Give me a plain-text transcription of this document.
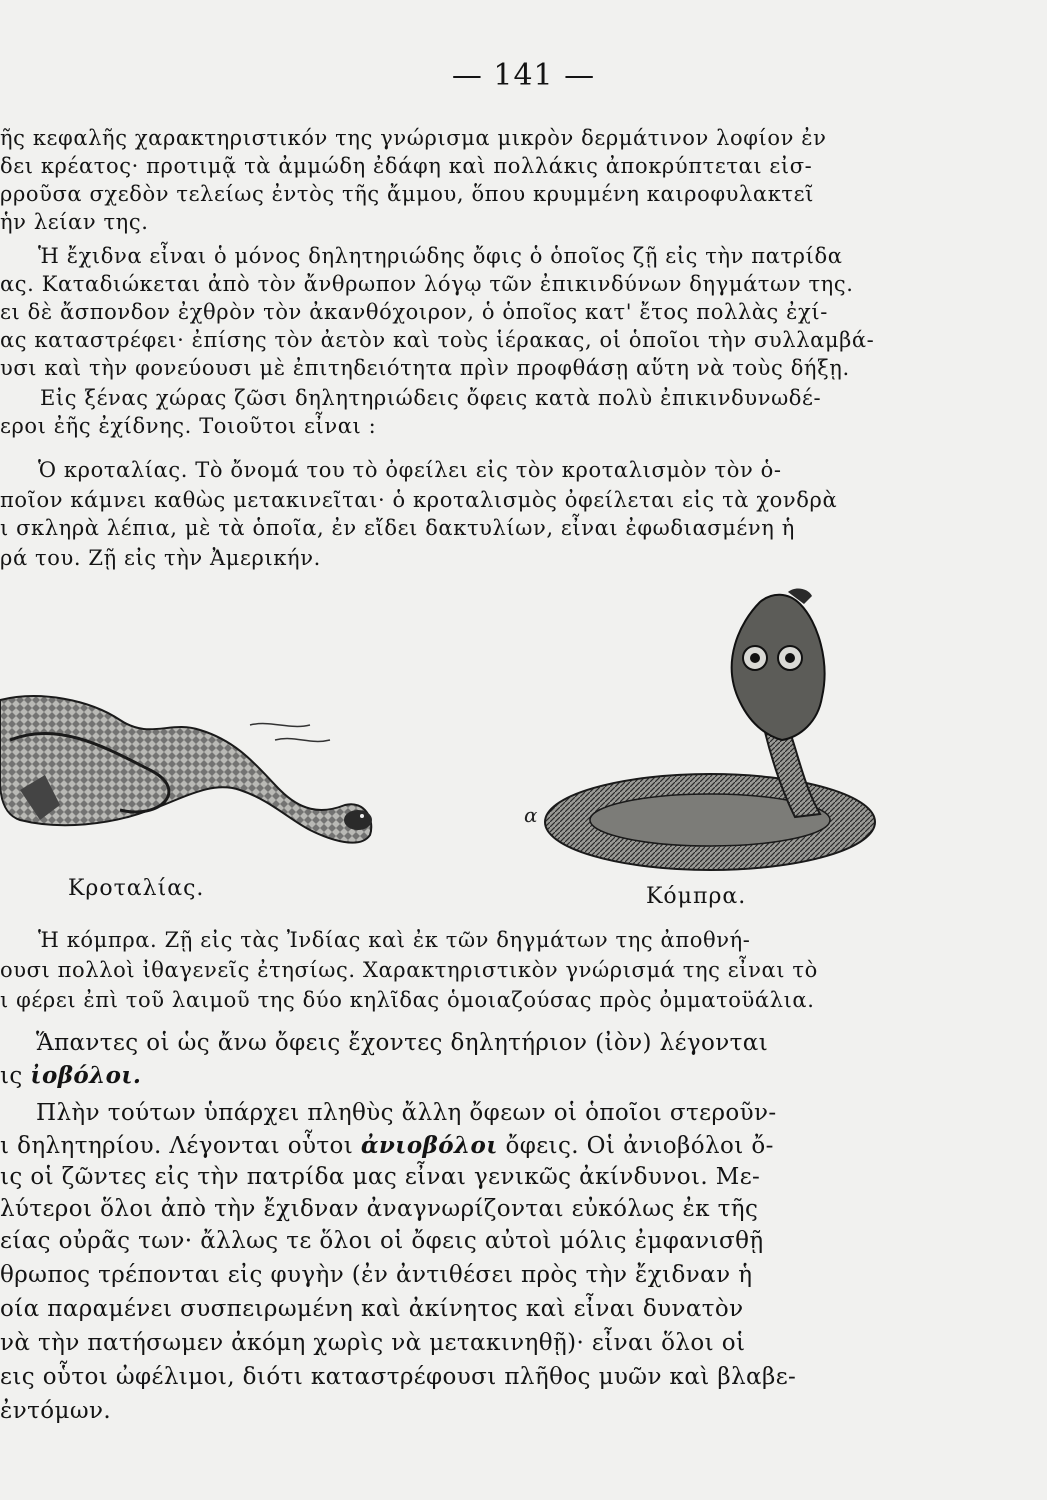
— 141 —
ῆς κεφαλῆς χαρακτηριστικόν της γνώρισμα μικρὸν δερμάτινον λοφίον ἐν
δει κρέατος· προτιμᾷ τὰ ἀμμώδη ἐδάφη καὶ πολλάκις ἀποκρύπτεται εἰσ-
ρροῦσα σχεδὸν τελείως ἐντὸς τῆς ἄμμου, ὅπου κρυμμένη καιροφυλακτεῖ
ἡν λείαν της.
Ἡ ἔχιδνα εἶναι ὁ μόνος δηλητηριώδης ὄφις ὁ ὁποῖος ζῇ εἰς τὴν πατρίδα
ας. Καταδιώκεται ἀπὸ τὸν ἄνθρωπον λόγῳ τῶν ἐπικινδύνων δηγμάτων της.
ει δὲ ἄσπονδον ἐχθρὸν τὸν ἀκανθόχοιρον, ὁ ὁποῖος κατ' ἔτος πολλὰς ἐχί-
ας καταστρέφει· ἐπίσης τὸν ἀετὸν καὶ τοὺς ἱέρακας, οἱ ὁποῖοι τὴν συλλαμβά-
υσι καὶ τὴν φονεύουσι μὲ ἐπιτηδειότητα πρὶν προφθάσῃ αὕτη νὰ τοὺς δήξῃ.
Εἰς ξένας χώρας ζῶσι δηλητηριώδεις ὄφεις κατὰ πολὺ ἐπικινδυνωδέ-
εροι ἐῆς ἐχίδνης. Τοιοῦτοι εἶναι :
Ὁ κροταλίας. Τὸ ὄνομά του τὸ ὀφείλει εἰς τὸν κροταλισμὸν τὸν ὁ-
ποῖον κάμνει καθὼς μετακινεῖται· ὁ κροταλισμὸς ὀφείλεται εἰς τὰ χονδρὰ
ι σκληρὰ λέπια, μὲ τὰ ὁποῖα, ἐν εἴδει δακτυλίων, εἶναι ἐφωδιασμένη ἡ
ρά του. Ζῇ εἰς τὴν Ἀμερικήν.
α
Κροταλίας.	Κόμπρα.
Ἡ κόμπρα. Ζῇ εἰς τὰς Ἰνδίας καὶ ἐκ τῶν δηγμάτων της ἀποθνή-
ουσι πολλοὶ ἰθαγενεῖς ἐτησίως. Χαρακτηριστικὸν γνώρισμά της εἶναι τὸ
ι φέρει ἐπὶ τοῦ λαιμοῦ της δύο κηλῖδας ὁμοιαζούσας πρὸς ὀμματοϋάλια.
Ἅπαντες οἱ ὡς ἄνω ὄφεις ἔχοντες δηλητήριον (ἰὸν) λέγονται
ις ἰοβόλοι.
Πλὴν τούτων ὑπάρχει πληθὺς ἄλλη ὄφεων οἱ ὁποῖοι στεροῦν-
ι δηλητηρίου. Λέγονται οὗτοι ἀνιοβόλοι ὄφεις. Οἱ ἀνιοβόλοι ὄ-
ις οἱ ζῶντες εἰς τὴν πατρίδα μας εἶναι γενικῶς ἀκίνδυνοι. Με-
λύτεροι ὅλοι ἀπὸ τὴν ἔχιδναν ἀναγνωρίζονται εὐκόλως ἐκ τῆς
είας οὐρᾶς των· ἄλλως τε ὅλοι οἱ ὄφεις αὐτοὶ μόλις ἐμφανισθῇ
θρωπος τρέπονται εἰς φυγὴν (ἐν ἀντιθέσει πρὸς τὴν ἔχιδναν ἡ
οία παραμένει συσπειρωμένη καὶ ἀκίνητος καὶ εἶναι δυνατὸν
νὰ τὴν πατήσωμεν ἀκόμη χωρὶς νὰ μετακινηθῇ)· εἶναι ὅλοι οἱ
εις οὗτοι ὠφέλιμοι, διότι καταστρέφουσι πλῆθος μυῶν καὶ βλαβε-
ἐντόμων.
